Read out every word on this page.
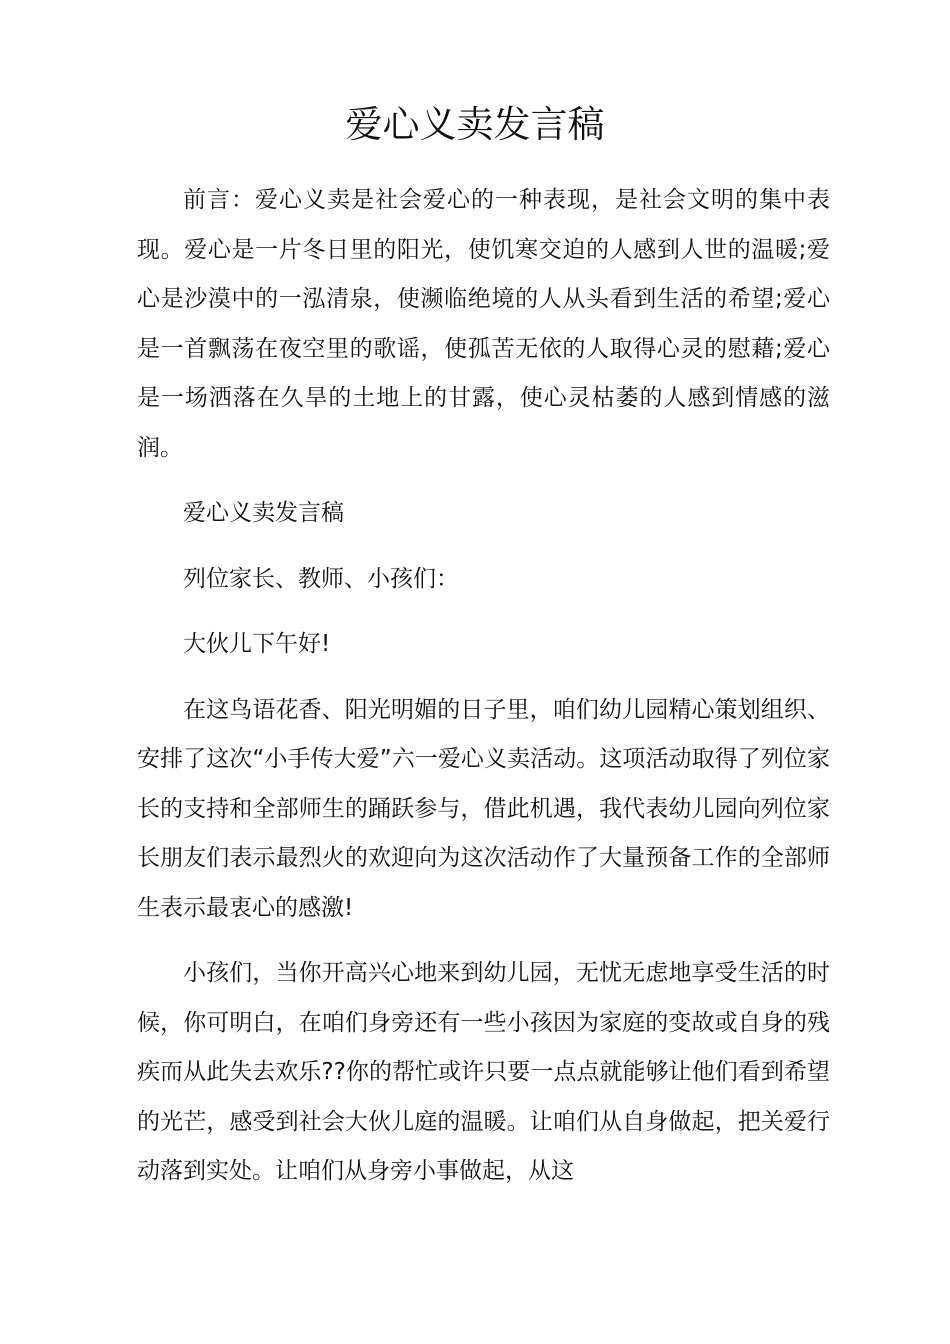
爱心义卖发言稿

前言：爱心义卖是社会爱心的一种表现，是社会文明的集中表现。爱心是一片冬日里的阳光，使饥寒交迫的人感到人世的温暖;爱心是沙漠中的一泓清泉，使濒临绝境的人从头看到生活的希望;爱心是一首飘荡在夜空里的歌谣，使孤苦无依的人取得心灵的慰藉;爱心是一场洒落在久旱的土地上的甘露，使心灵枯萎的人感到情感的滋润。

爱心义卖发言稿

列位家长、教师、小孩们：

大伙儿下午好!

在这鸟语花香、阳光明媚的日子里，咱们幼儿园精心策划组织、安排了这次“小手传大爱”六一爱心义卖活动。这项活动取得了列位家长的支持和全部师生的踊跃参与，借此机遇，我代表幼儿园向列位家长朋友们表示最烈火的欢迎向为这次活动作了大量预备工作的全部师生表示最衷心的感激!

小孩们，当你开高兴心地来到幼儿园，无忧无虑地享受生活的时候，你可明白，在咱们身旁还有一些小孩因为家庭的变故或自身的残疾而从此失去欢乐??你的帮忙或许只要一点点就能够让他们看到希望的光芒，感受到社会大伙儿庭的温暖。让咱们从自身做起，把关爱行动落到实处。让咱们从身旁小事做起，从这
